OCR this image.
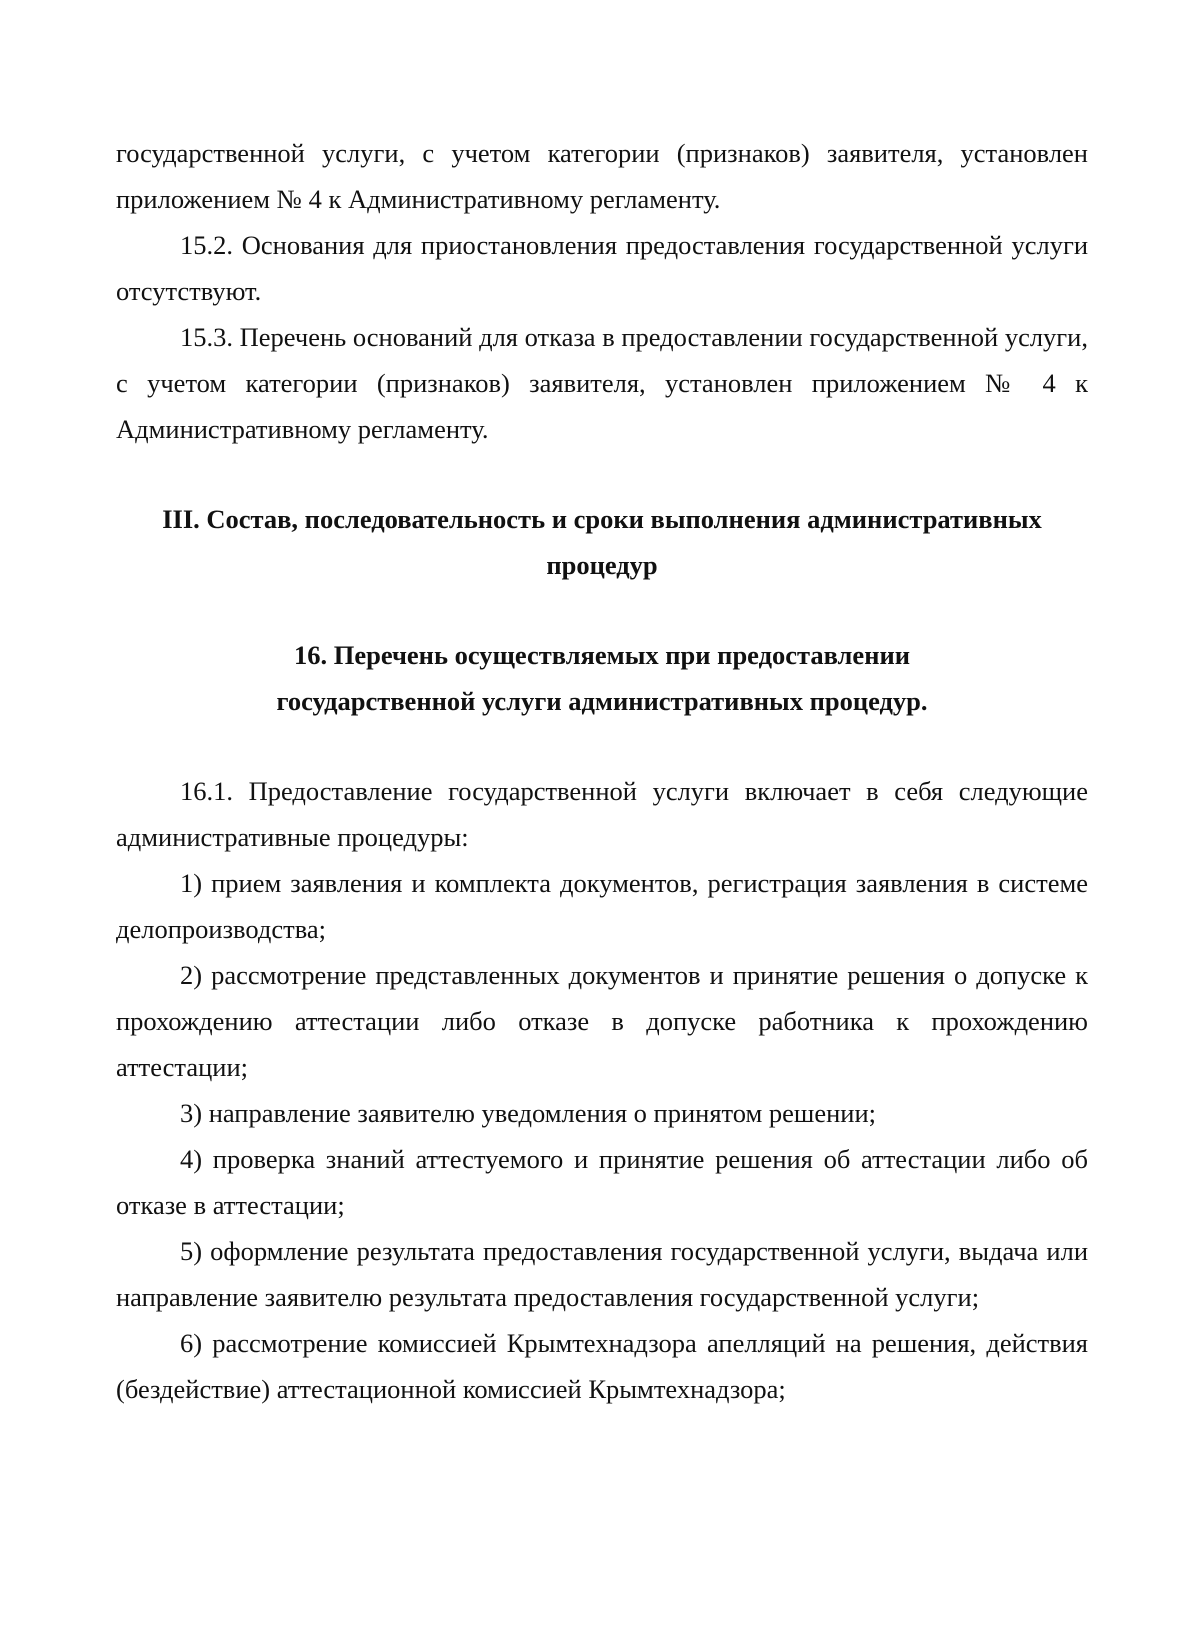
государственной услуги, с учетом категории (признаков) заявителя, установлен приложением № 4 к Административному регламенту.

15.2. Основания для приостановления предоставления государственной услуги отсутствуют.

15.3. Перечень оснований для отказа в предоставлении государственной услуги, с учетом категории (признаков) заявителя, установлен приложением № 4 к Административному регламенту.

III. Состав, последовательность и сроки выполнения административных
процедур
16. Перечень осуществляемых при предоставлении
государственной услуги административных процедур.

16.1. Предоставление государственной услуги включает в себя следующие административные процедуры:

1) прием заявления и комплекта документов, регистрация заявления в системе делопроизводства;

2) рассмотрение представленных документов и принятие решения о допуске к прохождению аттестации либо отказе в допуске работника к прохождению аттестации;

3) направление заявителю уведомления о принятом решении;

4) проверка знаний аттестуемого и принятие решения об аттестации либо об отказе в аттестации;

5) оформление результата предоставления государственной услуги, выдача или направление заявителю результата предоставления государственной услуги;

6) рассмотрение комиссией Крымтехнадзора апелляций на решения, действия (бездействие) аттестационной комиссией Крымтехнадзора;
